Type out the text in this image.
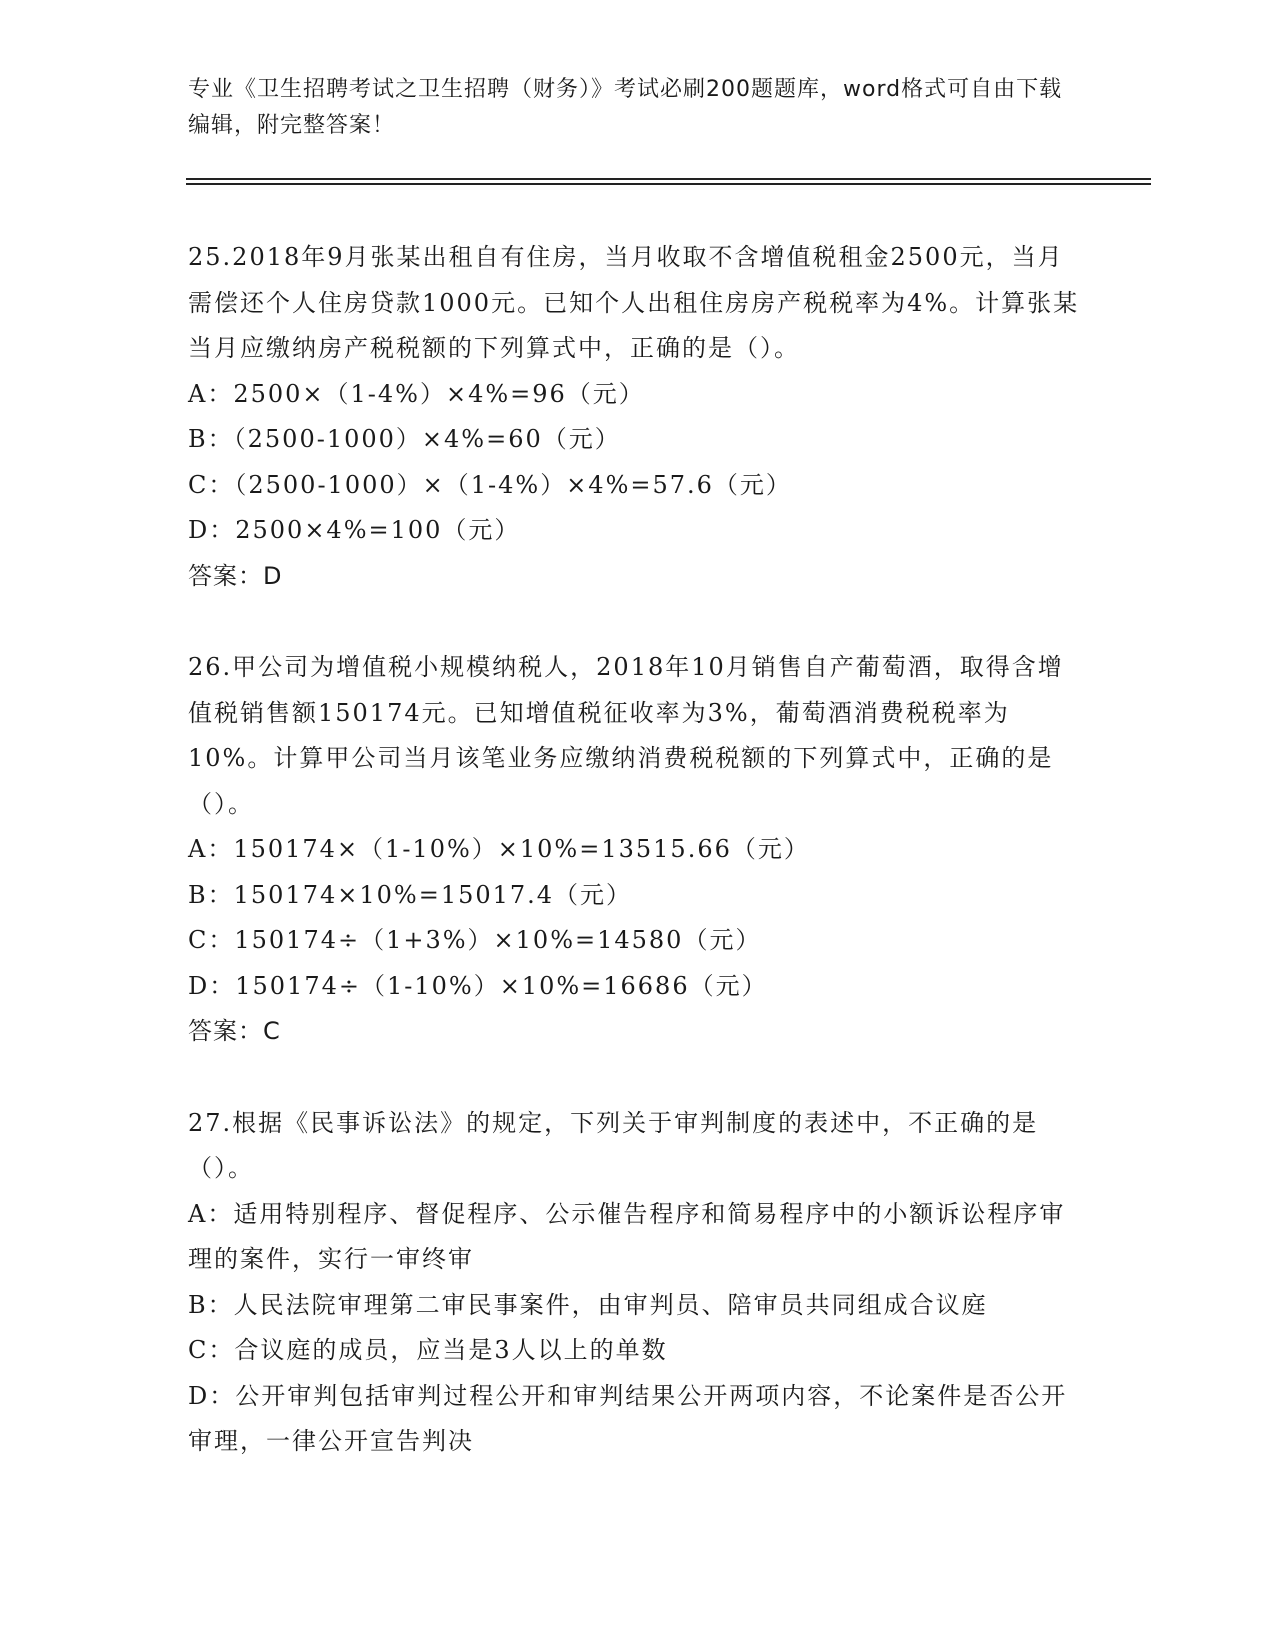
专业《卫生招聘考试之卫生招聘（财务）》考试必刷200题题库，word格式可自由下载编辑，附完整答案！
25.2018年9月张某出租自有住房，当月收取不含增值税租金2500元，当月需偿还个人住房贷款1000元。已知个人出租住房房产税税率为4%。计算张某当月应缴纳房产税税额的下列算式中，正确的是（）。
A：2500×（1-4%）×4%=96（元）
B：（2500-1000）×4%=60（元）
C：（2500-1000）×（1-4%）×4%=57.6（元）
D：2500×4%=100（元）
答案：D
26.甲公司为增值税小规模纳税人，2018年10月销售自产葡萄酒，取得含增值税销售额150174元。已知增值税征收率为3%，葡萄酒消费税税率为10%。计算甲公司当月该笔业务应缴纳消费税税额的下列算式中，正确的是（）。
A：150174×（1-10%）×10%=13515.66（元）
B：150174×10%=15017.4（元）
C：150174÷（1+3%）×10%=14580（元）
D：150174÷（1-10%）×10%=16686（元）
答案：C
27.根据《民事诉讼法》的规定，下列关于审判制度的表述中，不正确的是（）。
A：适用特别程序、督促程序、公示催告程序和简易程序中的小额诉讼程序审理的案件，实行一审终审
B：人民法院审理第二审民事案件，由审判员、陪审员共同组成合议庭
C：合议庭的成员，应当是3人以上的单数
D：公开审判包括审判过程公开和审判结果公开两项内容，不论案件是否公开审理，一律公开宣告判决
